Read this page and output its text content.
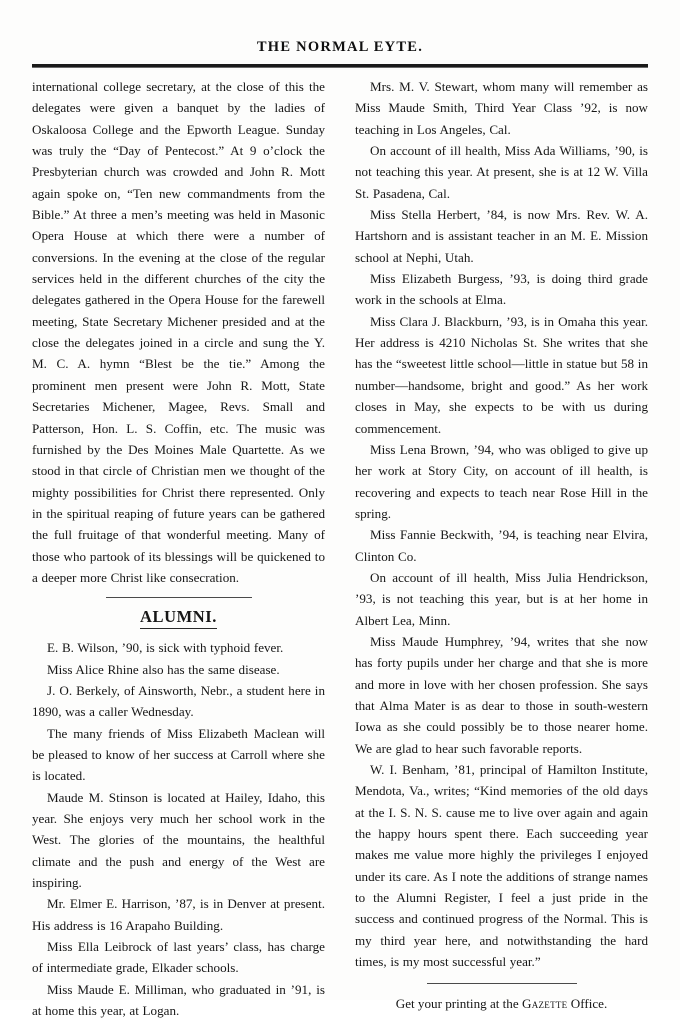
THE NORMAL EYTE.

international college secretary, at the close of this the delegates were given a banquet by the ladies of Oskaloosa College and the Epworth League. Sunday was truly the “Day of Pentecost.” At 9 o’clock the Presbyterian church was crowded and John R. Mott again spoke on, “Ten new commandments from the Bible.” At three a men’s meeting was held in Masonic Opera House at which there were a number of conversions. In the evening at the close of the regular services held in the different churches of the city the delegates gathered in the Opera House for the farewell meeting, State Secretary Michener presided and at the close the delegates joined in a circle and sung the Y. M. C. A. hymn “Blest be the tie.” Among the prominent men present were John R. Mott, State Secretaries Michener, Magee, Revs. Small and Patterson, Hon. L. S. Coffin, etc. The music was furnished by the Des Moines Male Quartette. As we stood in that circle of Christian men we thought of the mighty possibilities for Christ there represented. Only in the spiritual reaping of future years can be gathered the full fruitage of that wonderful meeting. Many of those who partook of its blessings will be quickened to a deeper more Christ like consecration.

ALUMNI.

E. B. Wilson, ’90, is sick with typhoid fever.

Miss Alice Rhine also has the same disease.

J. O. Berkely, of Ainsworth, Nebr., a student here in 1890, was a caller Wednesday.

The many friends of Miss Elizabeth Maclean will be pleased to know of her success at Carroll where she is located.

Maude M. Stinson is located at Hailey, Idaho, this year. She enjoys very much her school work in the West. The glories of the mountains, the healthful climate and the push and energy of the West are inspiring.

Mr. Elmer E. Harrison, ’87, is in Denver at present. His address is 16 Arapaho Building.

Miss Ella Leibrock of last years’ class, has charge of intermediate grade, Elkader schools.

Miss Maude E. Milliman, who graduated in ’91, is at home this year, at Logan.

Mrs. M. V. Stewart, whom many will remember as Miss Maude Smith, Third Year Class ’92, is now teaching in Los Angeles, Cal.

On account of ill health, Miss Ada Williams, ’90, is not teaching this year. At present, she is at 12 W. Villa St. Pasadena, Cal.

Miss Stella Herbert, ’84, is now Mrs. Rev. W. A. Hartshorn and is assistant teacher in an M. E. Mission school at Nephi, Utah.

Miss Elizabeth Burgess, ’93, is doing third grade work in the schools at Elma.

Miss Clara J. Blackburn, ’93, is in Omaha this year. Her address is 4210 Nicholas St. She writes that she has the “sweetest little school—little in statue but 58 in number—handsome, bright and good.” As her work closes in May, she expects to be with us during commencement.

Miss Lena Brown, ’94, who was obliged to give up her work at Story City, on account of ill health, is recovering and expects to teach near Rose Hill in the spring.

Miss Fannie Beckwith, ’94, is teaching near Elvira, Clinton Co.

On account of ill health, Miss Julia Hendrickson, ’93, is not teaching this year, but is at her home in Albert Lea, Minn.

Miss Maude Humphrey, ’94, writes that she now has forty pupils under her charge and that she is more and more in love with her chosen profession. She says that Alma Mater is as dear to those in south-western Iowa as she could possibly be to those nearer home. We are glad to hear such favorable reports.

W. I. Benham, ’81, principal of Hamilton Institute, Mendota, Va., writes; “Kind memories of the old days at the I. S. N. S. cause me to live over again and again the happy hours spent there. Each succeeding year makes me value more highly the privileges I enjoyed under its care. As I note the additions of strange names to the Alumni Register, I feel a just pride in the success and continued progress of the Normal. This is my third year here, and notwithstanding the hard times, is my most successful year.”

Get your printing at the Gazette Office.
